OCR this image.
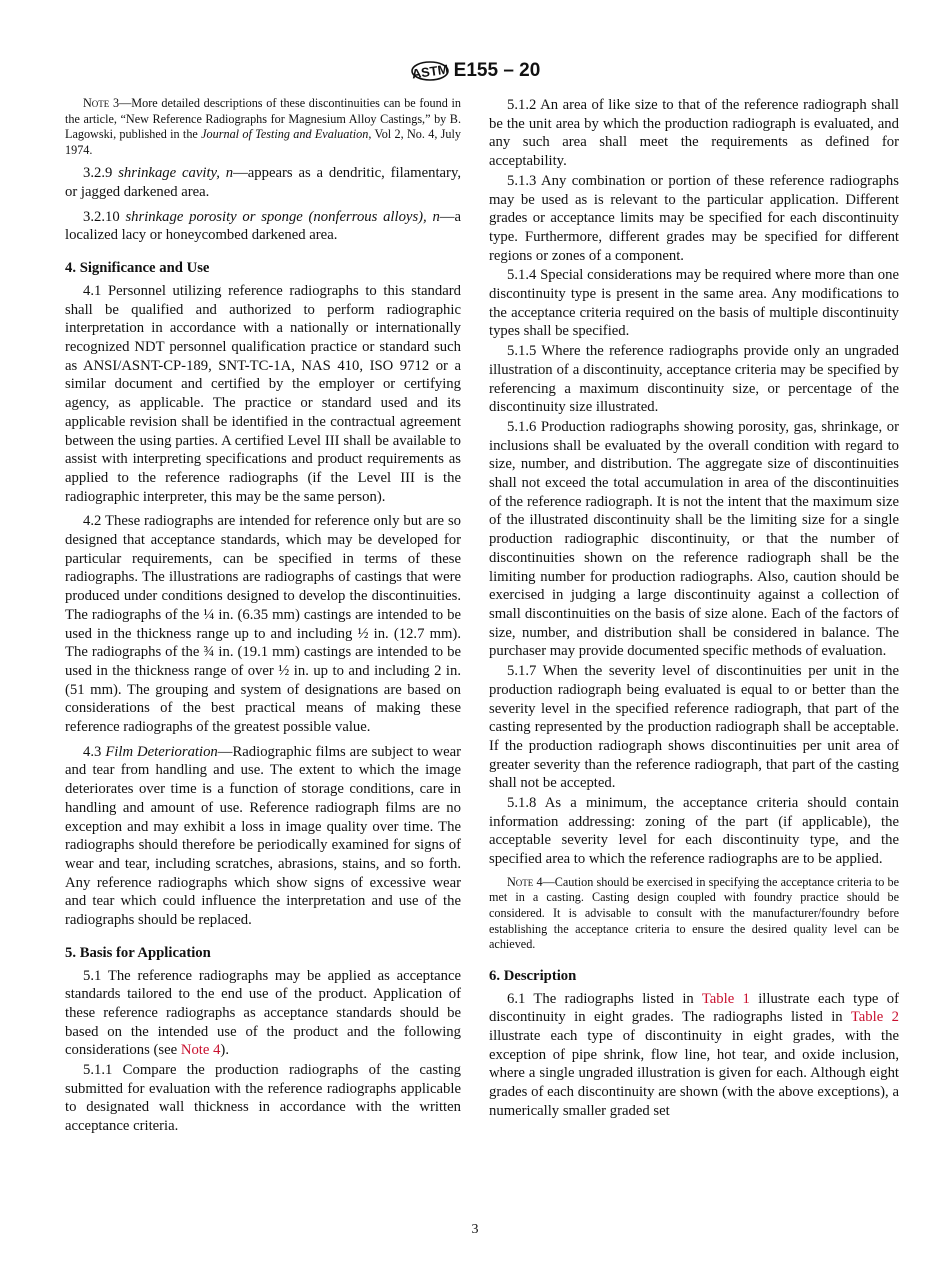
ASTM E155 – 20
Note 3—More detailed descriptions of these discontinuities can be found in the article, “New Reference Radiographs for Magnesium Alloy Castings,” by B. Lagowski, published in the Journal of Testing and Evaluation, Vol 2, No. 4, July 1974.
3.2.9 shrinkage cavity, n—appears as a dendritic, filamentary, or jagged darkened area.
3.2.10 shrinkage porosity or sponge (nonferrous alloys), n—a localized lacy or honeycombed darkened area.
4. Significance and Use
4.1 Personnel utilizing reference radiographs to this standard shall be qualified and authorized to perform radiographic interpretation in accordance with a nationally or internationally recognized NDT personnel qualification practice or standard such as ANSI/ASNT-CP-189, SNT-TC-1A, NAS 410, ISO 9712 or a similar document and certified by the employer or certifying agency, as applicable. The practice or standard used and its applicable revision shall be identified in the contractual agreement between the using parties. A certified Level III shall be available to assist with interpreting specifications and product requirements as applied to the reference radiographs (if the Level III is the radiographic interpreter, this may be the same person).
4.2 These radiographs are intended for reference only but are so designed that acceptance standards, which may be developed for particular requirements, can be specified in terms of these radiographs. The illustrations are radiographs of castings that were produced under conditions designed to develop the discontinuities. The radiographs of the ¼ in. (6.35 mm) castings are intended to be used in the thickness range up to and including ½ in. (12.7 mm). The radiographs of the ¾ in. (19.1 mm) castings are intended to be used in the thickness range of over ½ in. up to and including 2 in. (51 mm). The grouping and system of designations are based on considerations of the best practical means of making these reference radiographs of the greatest possible value.
4.3 Film Deterioration—Radiographic films are subject to wear and tear from handling and use. The extent to which the image deteriorates over time is a function of storage conditions, care in handling and amount of use. Reference radiograph films are no exception and may exhibit a loss in image quality over time. The radiographs should therefore be periodically examined for signs of wear and tear, including scratches, abrasions, stains, and so forth. Any reference radiographs which show signs of excessive wear and tear which could influence the interpretation and use of the radiographs should be replaced.
5. Basis for Application
5.1 The reference radiographs may be applied as acceptance standards tailored to the end use of the product. Application of these reference radiographs as acceptance standards should be based on the intended use of the product and the following considerations (see Note 4).
5.1.1 Compare the production radiographs of the casting submitted for evaluation with the reference radiographs applicable to designated wall thickness in accordance with the written acceptance criteria.
5.1.2 An area of like size to that of the reference radiograph shall be the unit area by which the production radiograph is evaluated, and any such area shall meet the requirements as defined for acceptability.
5.1.3 Any combination or portion of these reference radiographs may be used as is relevant to the particular application. Different grades or acceptance limits may be specified for each discontinuity type. Furthermore, different grades may be specified for different regions or zones of a component.
5.1.4 Special considerations may be required where more than one discontinuity type is present in the same area. Any modifications to the acceptance criteria required on the basis of multiple discontinuity types shall be specified.
5.1.5 Where the reference radiographs provide only an ungraded illustration of a discontinuity, acceptance criteria may be specified by referencing a maximum discontinuity size, or percentage of the discontinuity size illustrated.
5.1.6 Production radiographs showing porosity, gas, shrinkage, or inclusions shall be evaluated by the overall condition with regard to size, number, and distribution. The aggregate size of discontinuities shall not exceed the total accumulation in area of the discontinuities of the reference radiograph. It is not the intent that the maximum size of the illustrated discontinuity shall be the limiting size for a single production radiographic discontinuity, or that the number of discontinuities shown on the reference radiograph shall be the limiting number for production radiographs. Also, caution should be exercised in judging a large discontinuity against a collection of small discontinuities on the basis of size alone. Each of the factors of size, number, and distribution shall be considered in balance. The purchaser may provide documented specific methods of evaluation.
5.1.7 When the severity level of discontinuities per unit in the production radiograph being evaluated is equal to or better than the severity level in the specified reference radiograph, that part of the casting represented by the production radiograph shall be acceptable. If the production radiograph shows discontinuities per unit area of greater severity than the reference radiograph, that part of the casting shall not be accepted.
5.1.8 As a minimum, the acceptance criteria should contain information addressing: zoning of the part (if applicable), the acceptable severity level for each discontinuity type, and the specified area to which the reference radiographs are to be applied.
Note 4—Caution should be exercised in specifying the acceptance criteria to be met in a casting. Casting design coupled with foundry practice should be considered. It is advisable to consult with the manufacturer/foundry before establishing the acceptance criteria to ensure the desired quality level can be achieved.
6. Description
6.1 The radiographs listed in Table 1 illustrate each type of discontinuity in eight grades. The radiographs listed in Table 2 illustrate each type of discontinuity in eight grades, with the exception of pipe shrink, flow line, hot tear, and oxide inclusion, where a single ungraded illustration is given for each. Although eight grades of each discontinuity are shown (with the above exceptions), a numerically smaller graded set
3
